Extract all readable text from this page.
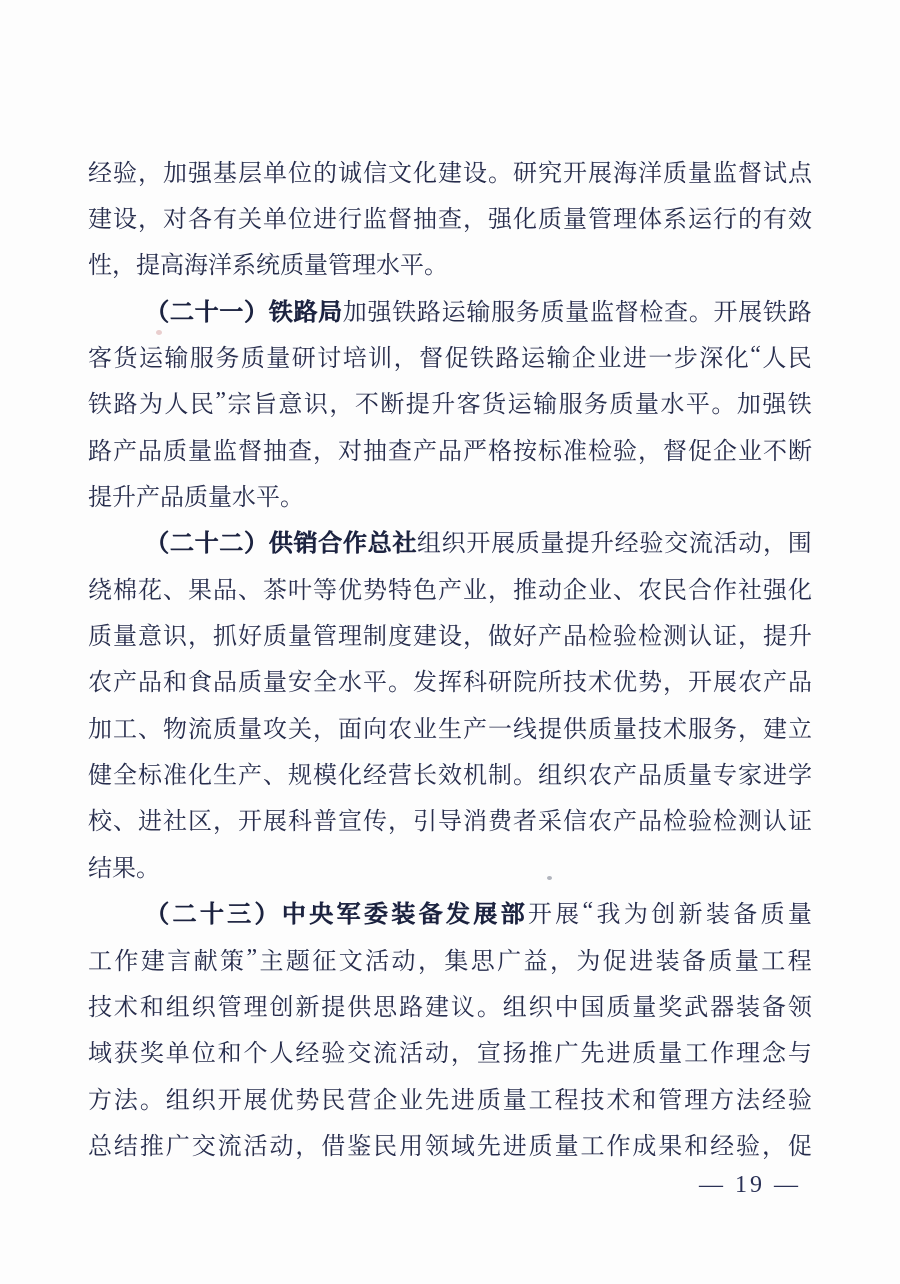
经 验 ， 加 强 基 层 单 位 的 诚 信 文 化 建 设 。 研 究 开 展 海 洋 质 量 监 督 试 点
建 设 ， 对 各 有 关 单 位 进 行 监 督 抽 查 ， 强 化 质 量 管 理 体 系 运 行 的 有 效
性 ， 提 高 海 洋 系 统 质 量 管 理 水 平 。
（ 二 十 一 ） 铁 路 局 加 强 铁 路 运 输 服 务 质 量 监 督 检 查 。 开 展 铁 路
客 货 运 输 服 务 质 量 研 讨 培 训 ， 督 促 铁 路 运 输 企 业 进 一 步 深 化 “ 人 民
铁 路 为 人 民 ” 宗 旨 意 识 ， 不 断 提 升 客 货 运 输 服 务 质 量 水 平 。 加 强 铁
路 产 品 质 量 监 督 抽 查 ， 对 抽 查 产 品 严 格 按 标 准 检 验 ， 督 促 企 业 不 断
提 升 产 品 质 量 水 平 。
（ 二 十 二 ） 供 销 合 作 总 社 组 织 开 展 质 量 提 升 经 验 交 流 活 动 ， 围
绕 棉 花 、 果 品 、 茶 叶 等 优 势 特 色 产 业 ， 推 动 企 业 、 农 民 合 作 社 强 化
质 量 意 识 ， 抓 好 质 量 管 理 制 度 建 设 ， 做 好 产 品 检 验 检 测 认 证 ， 提 升
农 产 品 和 食 品 质 量 安 全 水 平 。 发 挥 科 研 院 所 技 术 优 势 ， 开 展 农 产 品
加 工 、 物 流 质 量 攻 关 ， 面 向 农 业 生 产 一 线 提 供 质 量 技 术 服 务 ， 建 立
健 全 标 准 化 生 产 、 规 模 化 经 营 长 效 机 制 。 组 织 农 产 品 质 量 专 家 进 学
校 、 进 社 区 ， 开 展 科 普 宣 传 ， 引 导 消 费 者 采 信 农 产 品 检 验 检 测 认 证
结 果 。
（ 二 十 三 ） 中 央 军 委 装 备 发 展 部 开 展 “ 我 为 创 新 装 备 质 量
工 作 建 言 献 策 ” 主 题 征 文 活 动 ， 集 思 广 益 ， 为 促 进 装 备 质 量 工 程
技 术 和 组 织 管 理 创 新 提 供 思 路 建 议 。 组 织 中 国 质 量 奖 武 器 装 备 领
域 获 奖 单 位 和 个 人 经 验 交 流 活 动 ， 宣 扬 推 广 先 进 质 量 工 作 理 念 与
方 法 。 组 织 开 展 优 势 民 营 企 业 先 进 质 量 工 程 技 术 和 管 理 方 法 经 验
总 结 推 广 交 流 活 动 ， 借 鉴 民 用 领 域 先 进 质 量 工 作 成 果 和 经 验 ， 促
— 19 —
